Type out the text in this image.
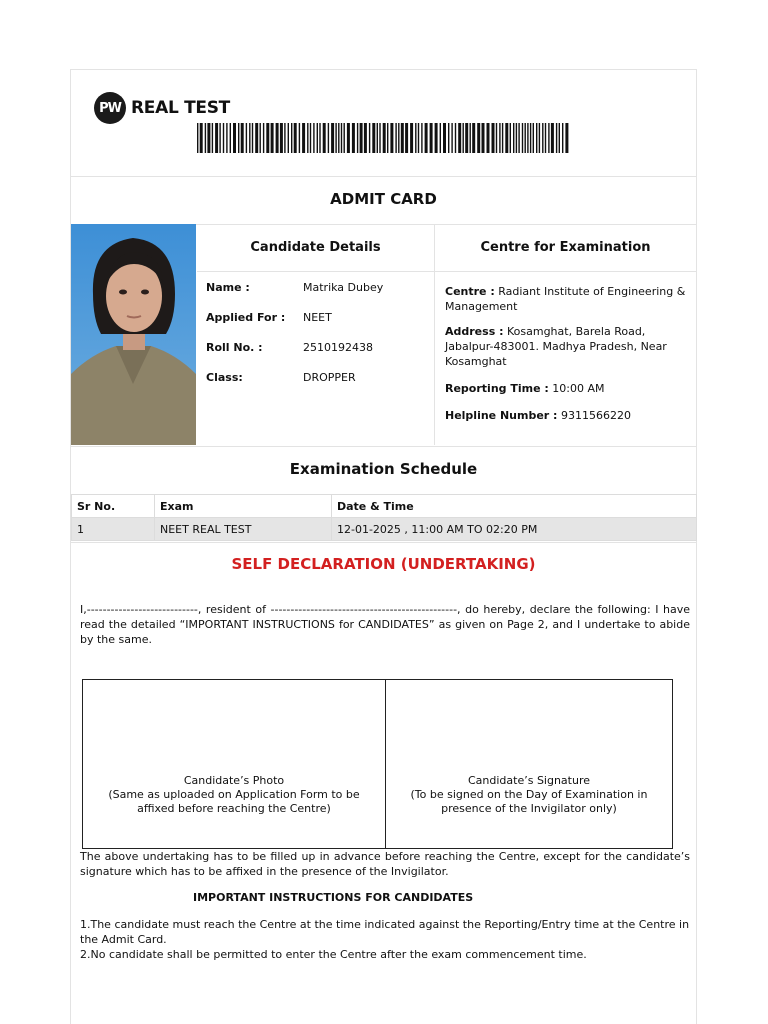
PW REAL TEST
ADMIT CARD
Candidate Details
Name :	Matrika Dubey
Applied For : NEET
Roll No. :	2510192438
Class:	DROPPER
Centre for Examination
Centre : Radiant Institute of Engineering & Management
Address : Kosamghat, Barela Road, Jabalpur-483001. Madhya Pradesh, Near Kosamghat
Reporting Time : 10:00 AM
Helpline Number : 9311566220
Examination Schedule
Sr No.	Exam	Date & Time
1	NEET REAL TEST	12-01-2025 , 11:00 AM TO 02:20 PM
SELF DECLARATION (UNDERTAKING)
I,----------------------------, resident of -----------------------------------------------, do hereby, declare the following: I have read the detailed “IMPORTANT INSTRUCTIONS for CANDIDATES” as given on Page 2, and I undertake to abide by the same.
Candidate’s Photo
(Same as uploaded on Application Form to be
affixed before reaching the Centre)
Candidate’s Signature
(To be signed on the Day of Examination in
presence of the Invigilator only)
The above undertaking has to be filled up in advance before reaching the Centre, except for the candidate’s signature which has to be affixed in the presence of the Invigilator.
IMPORTANT INSTRUCTIONS FOR CANDIDATES
1.The candidate must reach the Centre at the time indicated against the Reporting/Entry time at the Centre in the Admit Card.
2.No candidate shall be permitted to enter the Centre after the exam commencement time.
